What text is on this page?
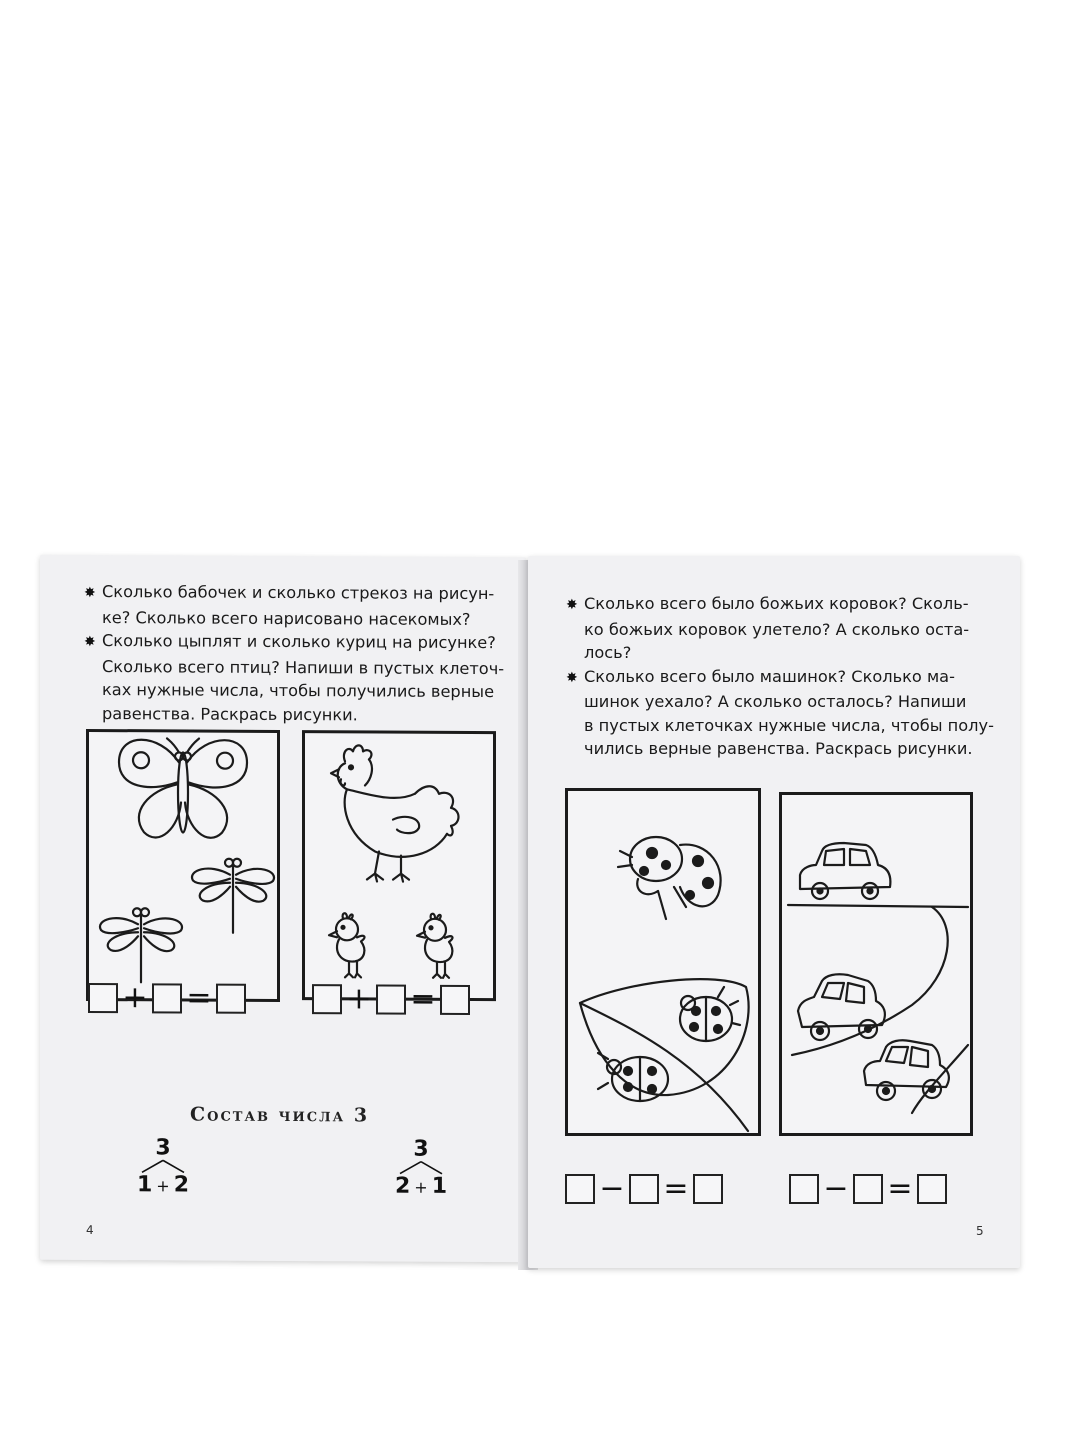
✸ Сколько бабочек и сколько стрекоз на рисун-
ке? Сколько всего нарисовано насекомых?
✸ Сколько цыплят и сколько куриц на рисунке?
Сколько всего птиц? Напиши в пустых клеточ-
ках нужные числа, чтобы получились верные
равенства. Раскрась рисунки.
+ =	+ =
Состав числа 3
3
1 + 2
3
2 + 1
4
✸ Сколько всего было божьих коровок? Сколь-
ко божьих коровок улетело? А сколько оста-
лось?
✸ Сколько всего было машинок? Сколько ма-
шинок уехало? А сколько осталось? Напиши
в пустых клеточках нужные числа, чтобы полу-
чились верные равенства. Раскрась рисунки.
− =	− =
5
